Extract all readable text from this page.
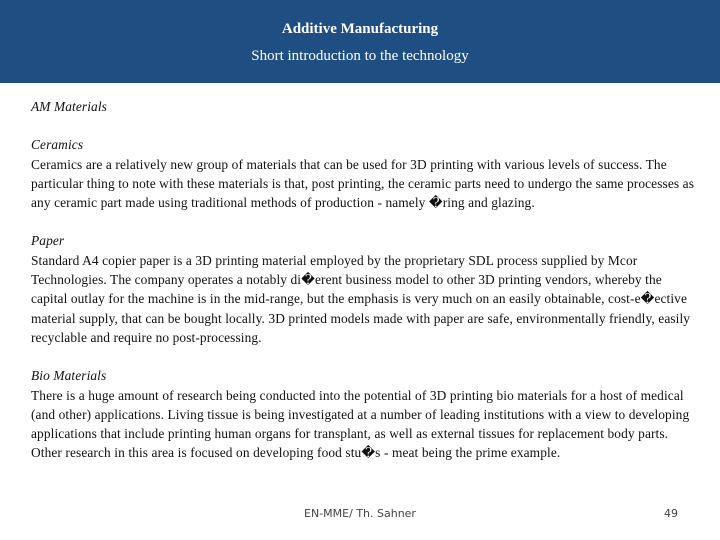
Additive Manufacturing
Short introduction to the technology

AM Materials

Ceramics

Ceramics are a relatively new group of materials that can be used for 3D printing with various levels of success. The particular thing to note with these materials is that, post printing, the ceramic parts need to undergo the same processes as any ceramic part made using traditional methods of production - namely �ring and glazing.

Paper

Standard A4 copier paper is a 3D printing material employed by the proprietary SDL process supplied by Mcor Technologies. The company operates a notably di�erent business model to other 3D printing vendors, whereby the capital outlay for the machine is in the mid-range, but the emphasis is very much on an easily obtainable, cost-e�ective material supply, that can be bought locally. 3D printed models made with paper are safe, environmentally friendly, easily recyclable and require no post-processing.

Bio Materials

There is a huge amount of research being conducted into the potential of 3D printing bio materials for a host of medical (and other) applications. Living tissue is being investigated at a number of leading institutions with a view to developing applications that include printing human organs for transplant, as well as external tissues for replacement body parts. Other research in this area is focused on developing food stu�s - meat being the prime example.

EN-MME/ Th. Sahner	49
